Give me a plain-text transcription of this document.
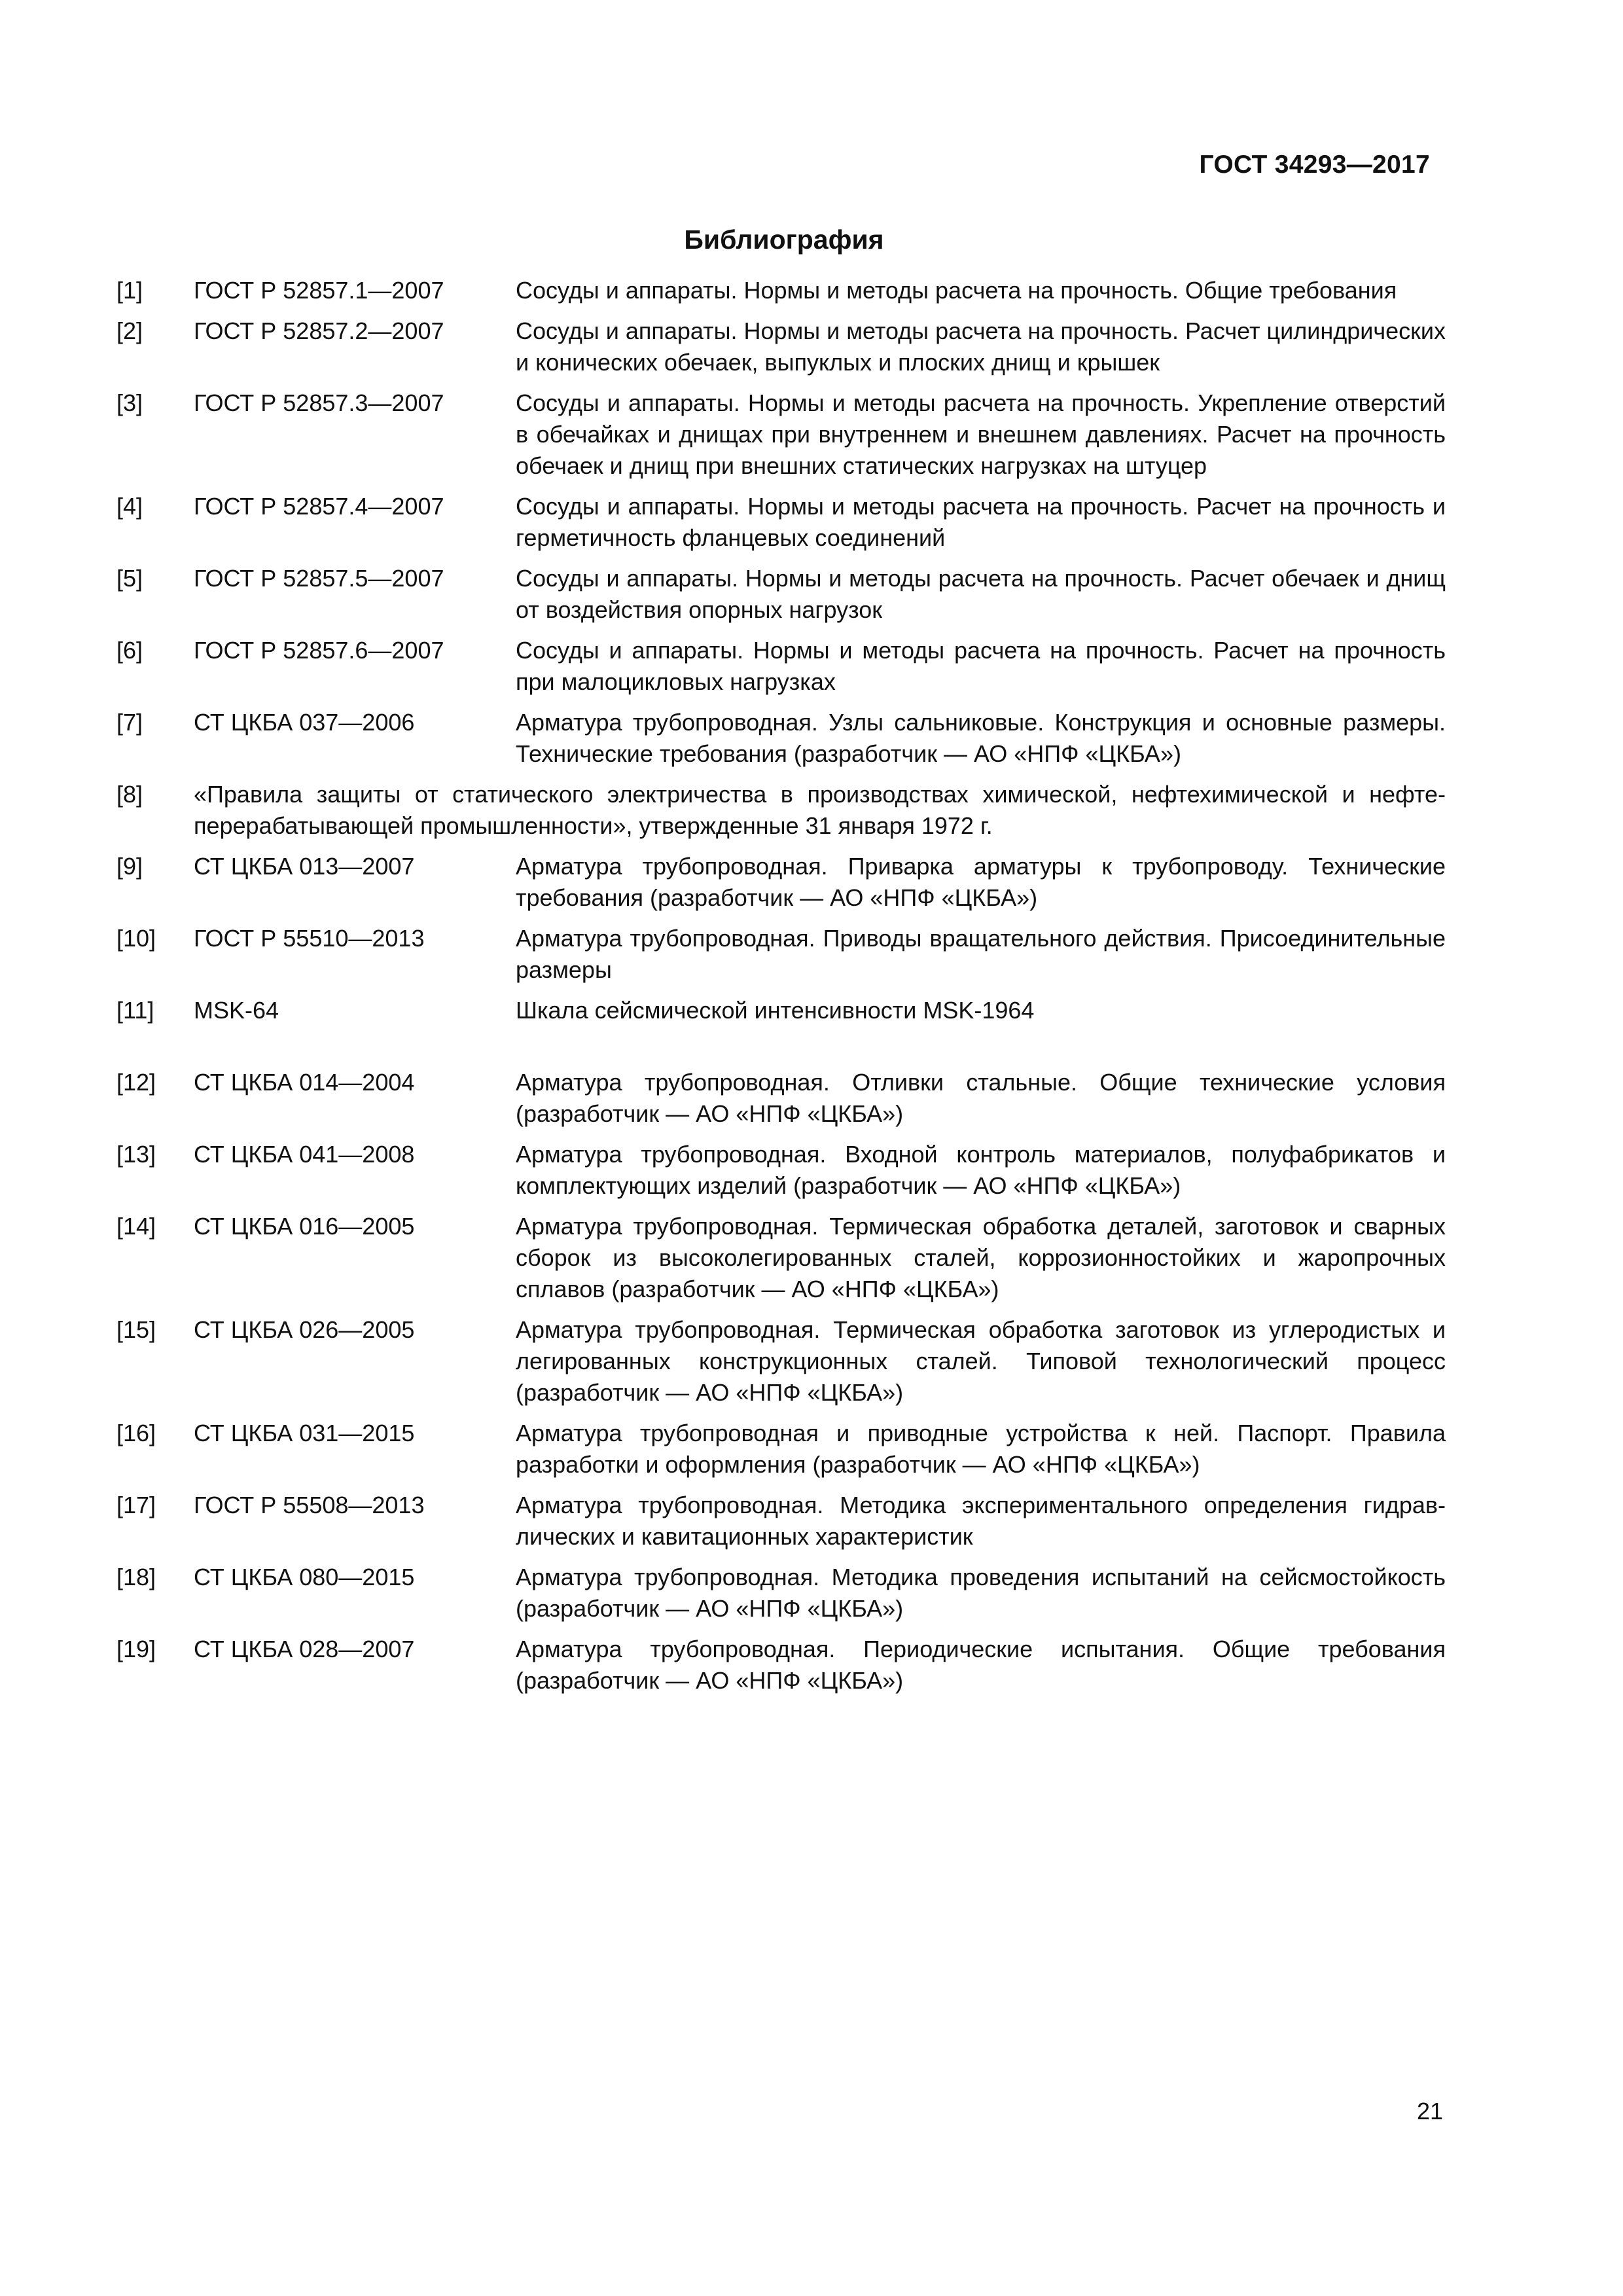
ГОСТ 34293—2017
Библиография
[1]	ГОСТ Р 52857.1—2007	Сосуды и аппараты. Нормы и методы расчета на прочность. Общие требования
[2]	ГОСТ Р 52857.2—2007	Сосуды и аппараты. Нормы и методы расчета на прочность. Расчет цилиндрических и конических обечаек, выпуклых и плоских днищ и крышек
[3]	ГОСТ Р 52857.3—2007	Сосуды и аппараты. Нормы и методы расчета на прочность. Укрепление отверстий в обечайках и днищах при внутреннем и внешнем давлениях. Расчет на прочность обечаек и днищ при внешних статических нагрузках на штуцер
[4]	ГОСТ Р 52857.4—2007	Сосуды и аппараты. Нормы и методы расчета на прочность. Расчет на прочность и герметичность фланцевых соединений
[5]	ГОСТ Р 52857.5—2007	Сосуды и аппараты. Нормы и методы расчета на прочность. Расчет обечаек и днищ от воздействия опорных нагрузок
[6]	ГОСТ Р 52857.6—2007	Сосуды и аппараты. Нормы и методы расчета на прочность. Расчет на прочность при малоцикловых нагрузках
[7]	СТ ЦКБА 037—2006	Арматура трубопроводная. Узлы сальниковые. Конструкция и основные размеры. Технические требования (разработчик — АО «НПФ «ЦКБА»)
[8]	«Правила защиты от статического электричества в производствах химической, нефтехимической и нефтеперерабатывающей промышленности», утвержденные 31 января 1972 г.
[9]	СТ ЦКБА 013—2007	Арматура трубопроводная. Приварка арматуры к трубопроводу. Технические требования (разработчик — АО «НПФ «ЦКБА»)
[10]	ГОСТ Р 55510—2013	Арматура трубопроводная. Приводы вращательного действия. Присоединительные размеры
[11]	MSK-64	Шкала сейсмической интенсивности MSK-1964
[12]	СТ ЦКБА 014—2004	Арматура трубопроводная. Отливки стальные. Общие технические условия (разработчик — АО «НПФ «ЦКБА»)
[13]	СТ ЦКБА 041—2008	Арматура трубопроводная. Входной контроль материалов, полуфабрикатов и комплектующих изделий (разработчик — АО «НПФ «ЦКБА»)
[14]	СТ ЦКБА 016—2005	Арматура трубопроводная. Термическая обработка деталей, заготовок и сварных сборок из высоколегированных сталей, коррозионностойких и жаропрочных сплавов (разработчик — АО «НПФ «ЦКБА»)
[15]	СТ ЦКБА 026—2005	Арматура трубопроводная. Термическая обработка заготовок из углеродистых и легированных конструкционных сталей. Типовой технологический процесс (разработчик — АО «НПФ «ЦКБА»)
[16]	СТ ЦКБА 031—2015	Арматура трубопроводная и приводные устройства к ней. Паспорт. Правила разработки и оформления (разработчик — АО «НПФ «ЦКБА»)
[17]	ГОСТ Р 55508—2013	Арматура трубопроводная. Методика экспериментального определения гидравлических и кавитационных характеристик
[18]	СТ ЦКБА 080—2015	Арматура трубопроводная. Методика проведения испытаний на сейсмостойкость (разработчик — АО «НПФ «ЦКБА»)
[19]	СТ ЦКБА 028—2007	Арматура трубопроводная. Периодические испытания. Общие требования (разработчик — АО «НПФ «ЦКБА»)
21
